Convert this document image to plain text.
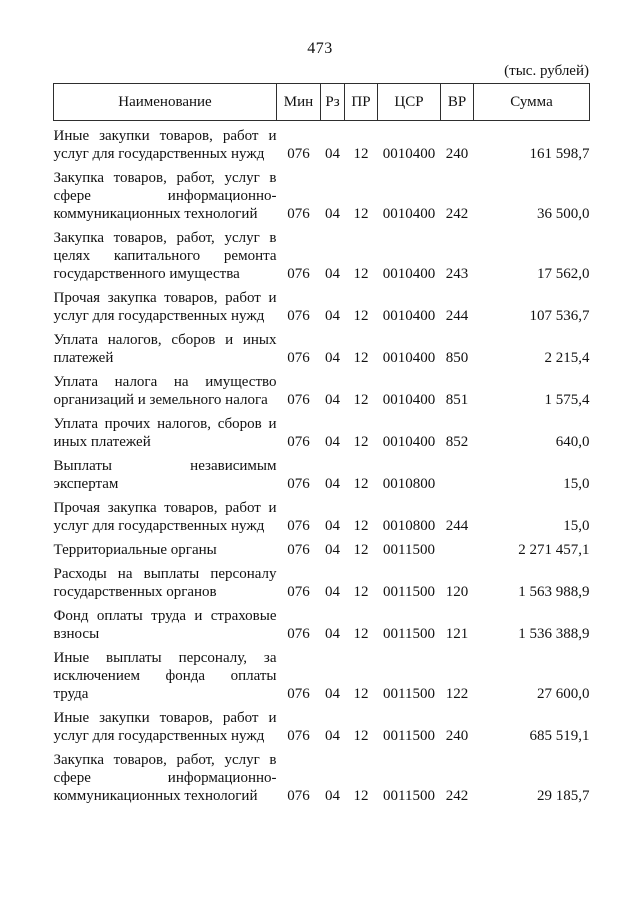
473
(тыс. рублей)
Наименование	Мин	Рз	ПР	ЦСР	ВР	Сумма

Иные закупки товаров, работ и
услуг для государственных нужд	076	04	12	0010400	240	161 598,7

Закупка товаров, работ, услуг в
сфере информационно-
коммуникационных технологий	076	04	12	0010400	242	36 500,0

Закупка товаров, работ, услуг в
целях капитального ремонта
государственного имущества	076	04	12	0010400	243	17 562,0

Прочая закупка товаров, работ и
услуг для государственных нужд	076	04	12	0010400	244	107 536,7

Уплата налогов, сборов и иных
платежей	076	04	12	0010400	850	2 215,4

Уплата налога на имущество
организаций и земельного налога	076	04	12	0010400	851	1 575,4

Уплата прочих налогов, сборов и
иных платежей	076	04	12	0010400	852	640,0

Выплаты независимым
экспертам	076	04	12	0010800		15,0

Прочая закупка товаров, работ и
услуг для государственных нужд	076	04	12	0010800	244	15,0

Территориальные органы	076	04	12	0011500		2 271 457,1

Расходы на выплаты персоналу
государственных органов	076	04	12	0011500	120	1 563 988,9

Фонд оплаты труда и страховые
взносы	076	04	12	0011500	121	1 536 388,9

Иные выплаты персоналу, за
исключением фонда оплаты
труда	076	04	12	0011500	122	27 600,0

Иные закупки товаров, работ и
услуг для государственных нужд	076	04	12	0011500	240	685 519,1

Закупка товаров, работ, услуг в
сфере информационно-
коммуникационных технологий	076	04	12	0011500	242	29 185,7
